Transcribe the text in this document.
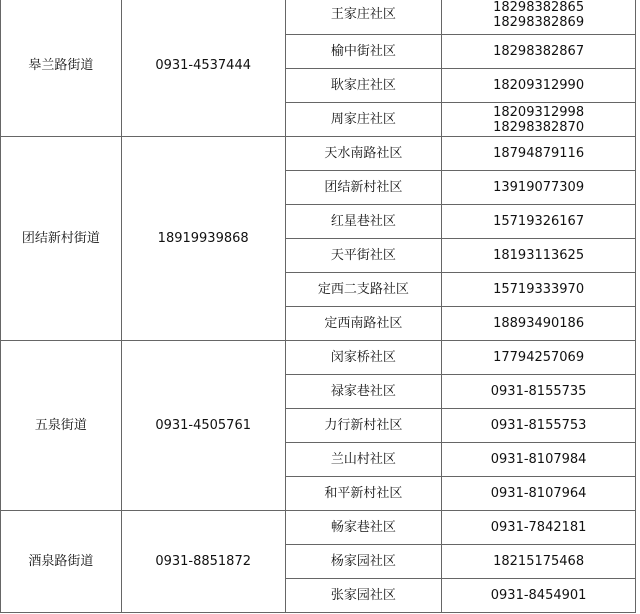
皋兰路街道	0931-4537444	王家庄社区	18298382865
18298382869	

		榆中街社区	18298382867	

		耿家庄社区	18209312990	

		周家庄社区	18209312998
18298382870	

团结新村街道	18919939868	天水南路社区	18794879116	

		团结新村社区	13919077309	

		红星巷社区	15719326167	

		天平街社区	18193113625	

		定西二支路社区	15719333970	

		定西南路社区	18893490186	

五泉街道	0931-4505761	闵家桥社区	17794257069	

		禄家巷社区	0931-8155735	

		力行新村社区	0931-8155753	

		兰山村社区	0931-8107984	

		和平新村社区	0931-8107964	

酒泉路街道	0931-8851872	畅家巷社区	0931-7842181	

		杨家园社区	18215175468	

		张家园社区	0931-8454901	
